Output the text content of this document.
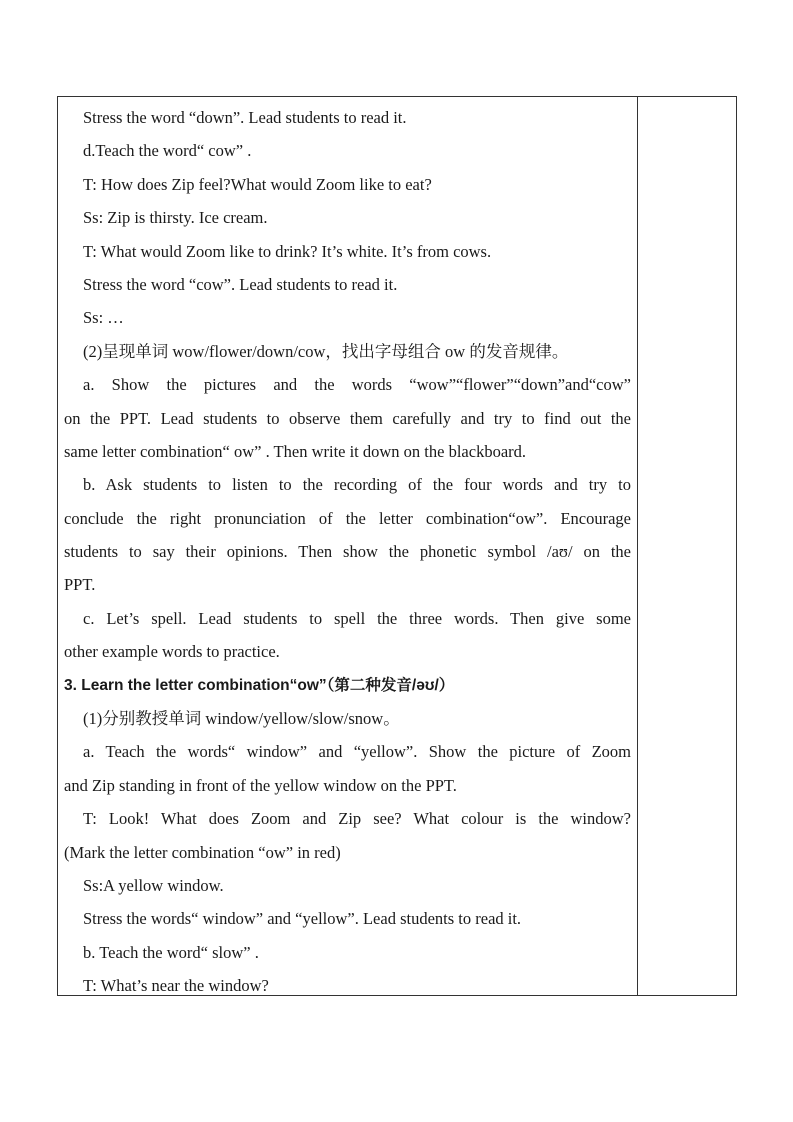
Stress the word “down”. Lead students to read it.
d.Teach the word“ cow” .
T: How does Zip feel?What would Zoom like to eat?
Ss: Zip is thirsty. Ice cream.
T: What would Zoom like to drink? It’s white. It’s from cows.
Stress the word “cow”. Lead students to read it.
Ss: …
(2)呈现单词 wow/flower/down/cow，找出字母组合 ow 的发音规律。
a. Show the pictures and the words “wow”“flower”“down”and“cow”
on the PPT. Lead students to observe them carefully and try to find out the
same letter combination“ ow” . Then write it down on the blackboard.
b. Ask students to listen to the recording of the four words and try to
conclude the right pronunciation of the letter combination“ow”. Encourage
students to say their opinions. Then show the phonetic symbol /aʊ/ on the
PPT.
c. Let’s spell. Lead students to spell the three words. Then give some
other example words to practice.
3. Learn the letter combination“ow”（第二种发音/əʊ/）
(1)分别教授单词 window/yellow/slow/snow。
a. Teach the words“ window” and “yellow”. Show the picture of Zoom
and Zip standing in front of the yellow window on the PPT.
T: Look! What does Zoom and Zip see? What colour is the window?
(Mark the letter combination “ow” in red)
Ss:A yellow window.
Stress the words“ window” and “yellow”. Lead students to read it.
b. Teach the word“ slow” .
T: What’s near the window?
